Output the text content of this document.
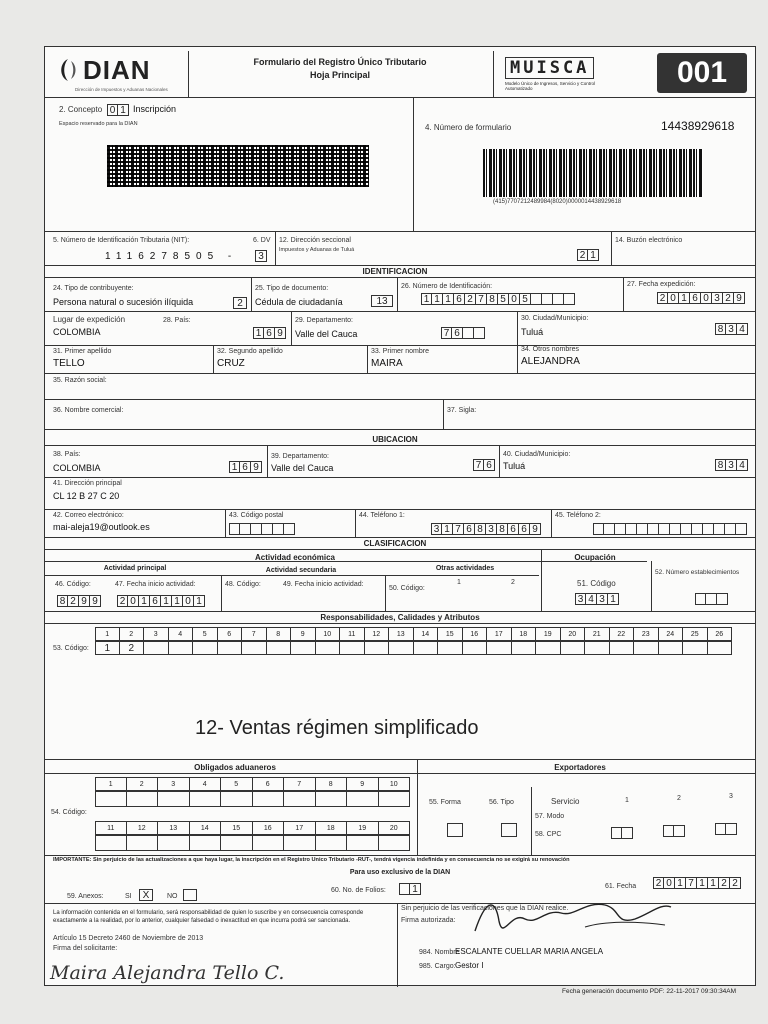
DIAN
Dirección de Impuestos y Aduanas Nacionales
Formulario del Registro Único Tributario
Hoja Principal	MUISCA
Modelo Único de Ingresos, Servicio y Control Automatizado	001
2. Concepto 0 1 Inscripción
Espacio reservado para la DIAN	4. Número de formulario	14438929618
(415)7707212489984(8020)0000014438929618
5. Número de Identificación Tributaria (NIT):
1116278505 -
6. DV
3
12. Dirección seccional
Impuestos y Aduanas de Tuluá	2 1
14. Buzón electrónico
IDENTIFICACION
24. Tipo de contribuyente:
Persona natural o sucesión ilíquida	2
25. Tipo de documento:
Cédula de ciudadanía	13
26. Número de Identificación:
1 1 1 6 2 7 8 5 0 5
27. Fecha expedición:
2 0 1 6 0 3 2 9
Lugar de expedición	28. País:
COLOMBIA	1 6 9
29. Departamento:
Valle del Cauca	7 6
30. Ciudad/Municipio:
Tuluá	8 3 4
31. Primer apellido
TELLO
32. Segundo apellido
CRUZ
33. Primer nombre
MAIRA
34. Otros nombres
ALEJANDRA
35. Razón social:
36. Nombre comercial:	37. Sigla:
UBICACION
38. País:
COLOMBIA	1 6 9
39. Departamento:
Valle del Cauca	7 6
40. Ciudad/Municipio:
Tuluá	8 3 4
41. Dirección principal
CL 12 B 27 C 20
42. Correo electrónico:
mai-aleja19@outlook.es
43. Código postal	44. Teléfono 1:
3 1 7 6 8 3 8 6 6 9
45. Teléfono 2:
CLASIFICACION
Actividad económica	Ocupación
Actividad principal	Actividad secundaria	Otras actividades
46. Código:	47. Fecha inicio actividad:
8 2 9 9	2 0 1 6 1 1 0 1
48. Código:	49. Fecha inicio actividad:
50. Código:
1	2	51. Código
3 4 3 1
52. Número establecimientos
Responsabilidades, Calidades y Atributos
53. Código:
1	2	3	4	5	6	7	8	9	10	11	12	13	14	15	16	17	18	19	20	21	22	23	24	25	26
1	2
12- Ventas régimen simplificado
Obligados aduaneros	Exportadores
54. Código:
1	2	3	4	5	6	7	8	9	10
11	12	13	14	15	16	17	18	19	20
55. Forma	56. Tipo	Servicio	1	2	3
57. Modo
58. CPC
IMPORTANTE: Sin perjuicio de las actualizaciones a que haya lugar, la inscripción en el Registro Único Tributario -RUT-, tendrá vigencia indefinida y en consecuencia no se exigirá su renovación
Para uso exclusivo de la DIAN
59. Anexos:	SI	X	NO
60. No. de Folios:	1	61. Fecha 2 0 1 7 1 1 2 2
La información contenida en el formulario, será responsabilidad de quien lo suscribe y en consecuencia corresponde exactamente a la realidad, por lo anterior, cualquier falsedad o inexactitud en que incurra podrá ser sancionada.
Artículo 15 Decreto 2460 de Noviembre de 2013
Firma del solicitante:
Sin perjuicio de las verificaciones que la DIAN realice.
Firma autorizada:
984. Nombre
ESCALANTE CUELLAR MARIA ANGELA
985. Cargo: Gestor I
Maira Alejandra Tello C.
Fecha generación documento PDF: 22-11-2017 09:30:34AM
